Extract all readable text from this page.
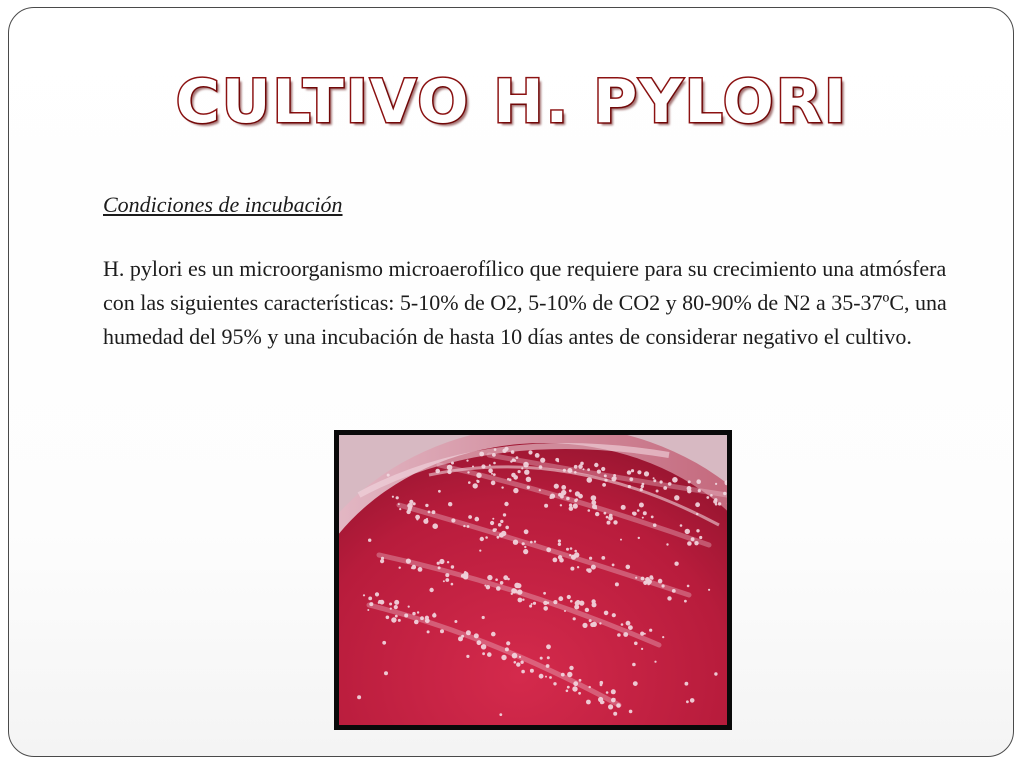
CULTIVO H. PYLORI

Condiciones de incubación

H. pylori es un microorganismo microaerofílico que requiere para su crecimiento una atmósfera con las siguientes características: 5-10% de O2, 5-10% de CO2 y 80-90% de N2 a 35-37ºC, una humedad del 95% y una incubación de hasta 10 días antes de considerar negativo el cultivo.
